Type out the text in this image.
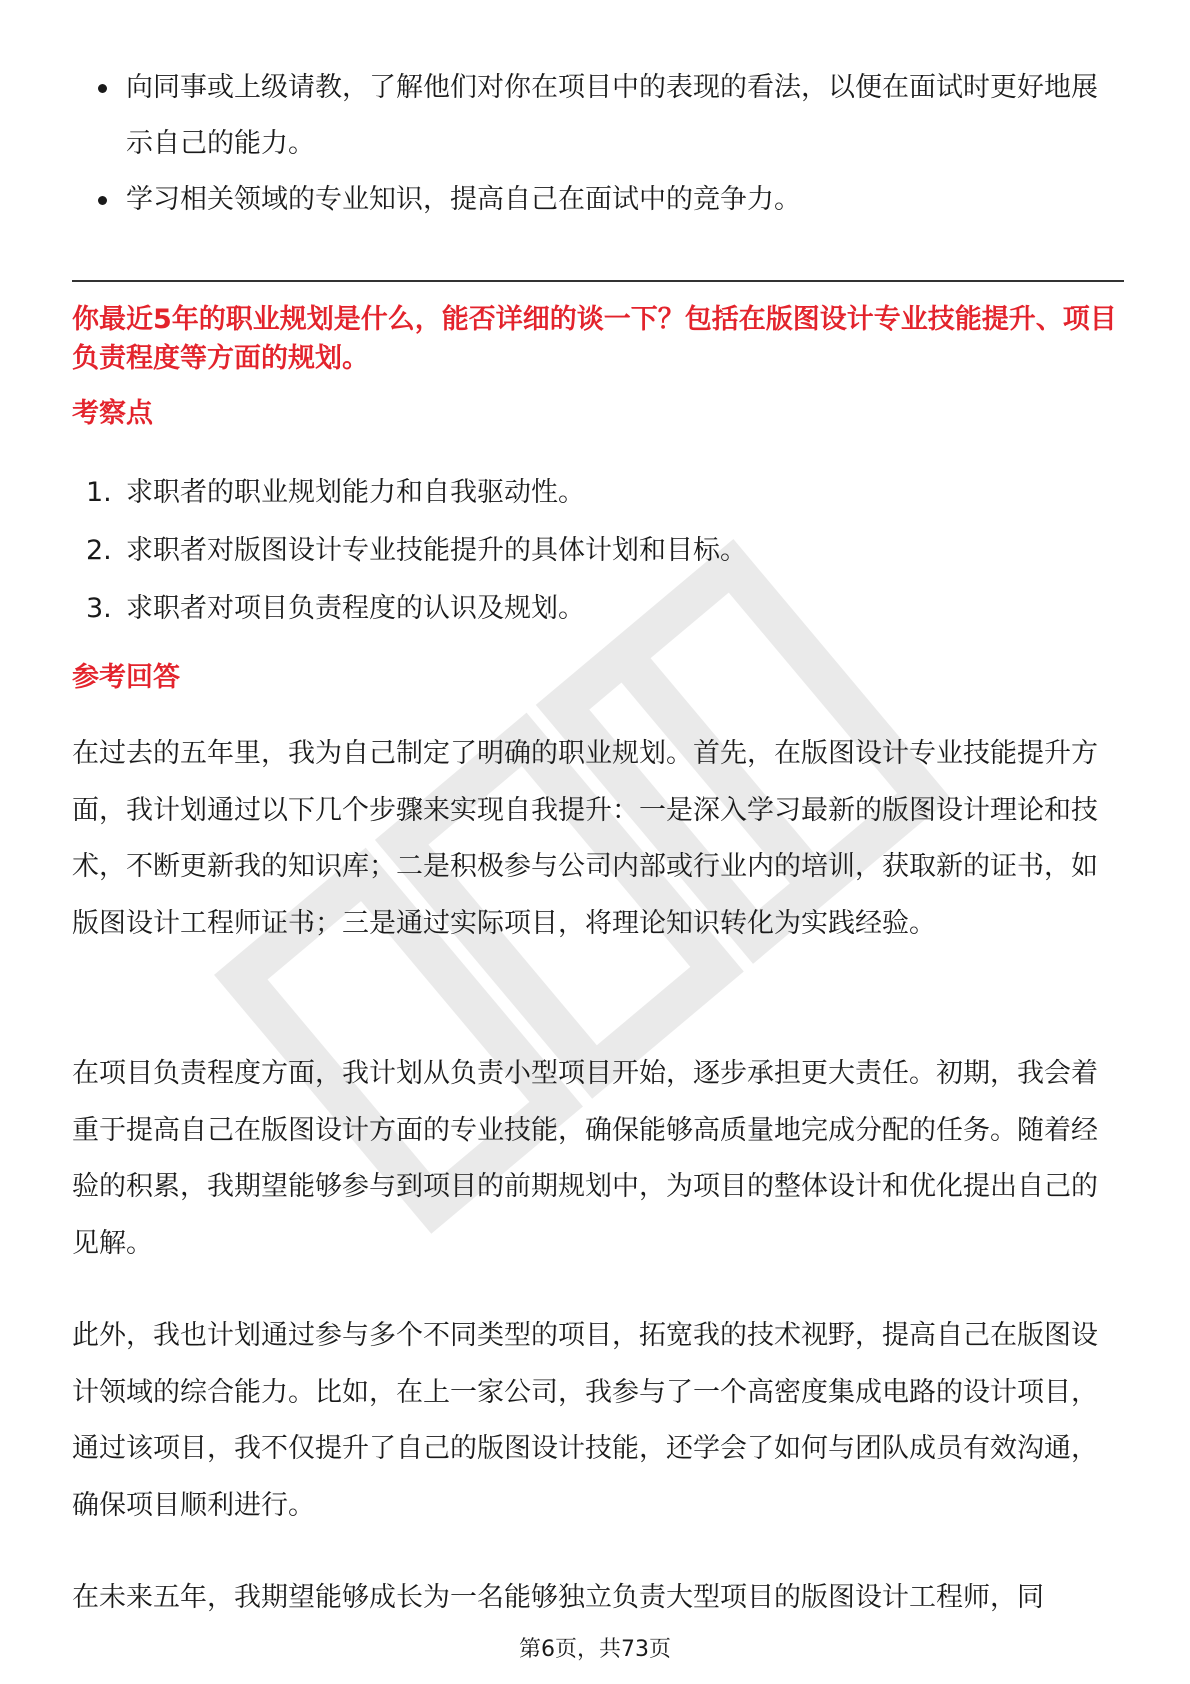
向同事或上级请教，了解他们对你在项目中的表现的看法，以便在面试时更好地展示自己的能力。
学习相关领域的专业知识，提高自己在面试中的竞争力。
你最近5年的职业规划是什么，能否详细的谈一下？包括在版图设计专业技能提升、项目负责程度等方面的规划。
考察点
1. 求职者的职业规划能力和自我驱动性。
2. 求职者对版图设计专业技能提升的具体计划和目标。
3. 求职者对项目负责程度的认识及规划。
参考回答

在过去的五年里，我为自己制定了明确的职业规划。首先，在版图设计专业技能提升方面，我计划通过以下几个步骤来实现自我提升：一是深入学习最新的版图设计理论和技术，不断更新我的知识库；二是积极参与公司内部或行业内的培训，获取新的证书，如版图设计工程师证书；三是通过实际项目，将理论知识转化为实践经验。

在项目负责程度方面，我计划从负责小型项目开始，逐步承担更大责任。初期，我会着重于提高自己在版图设计方面的专业技能，确保能够高质量地完成分配的任务。随着经验的积累，我期望能够参与到项目的前期规划中，为项目的整体设计和优化提出自己的见解。

此外，我也计划通过参与多个不同类型的项目，拓宽我的技术视野，提高自己在版图设计领域的综合能力。比如，在上一家公司，我参与了一个高密度集成电路的设计项目，通过该项目，我不仅提升了自己的版图设计技能，还学会了如何与团队成员有效沟通，确保项目顺利进行。

在未来五年，我期望能够成长为一名能够独立负责大型项目的版图设计工程师，同

第6页，共73页
